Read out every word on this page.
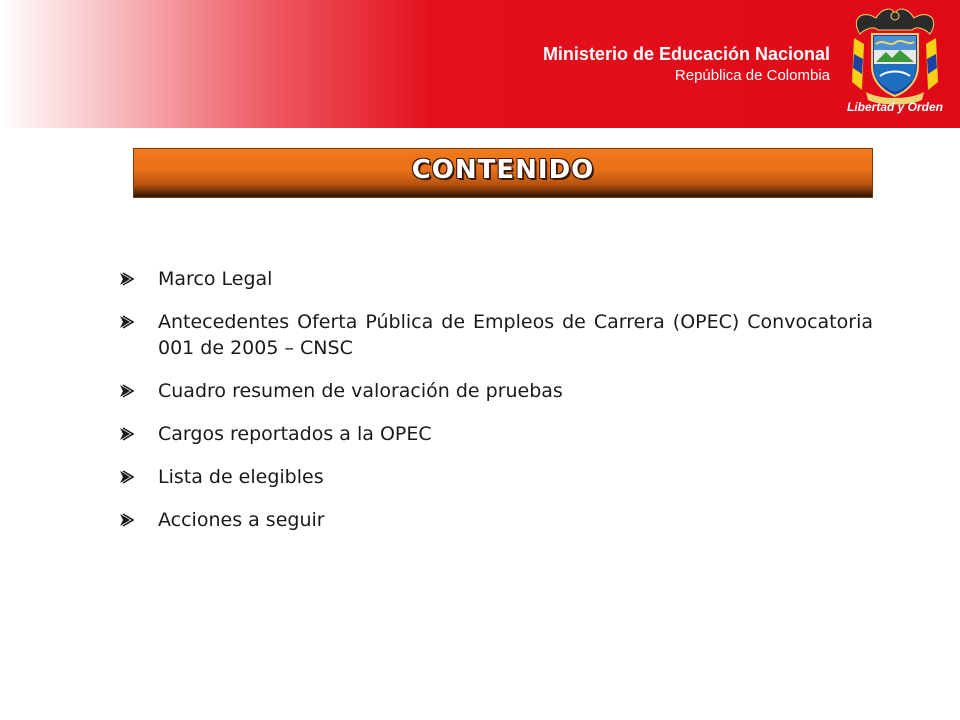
Ministerio de Educación Nacional
República de Colombia
Libertad y Orden
CONTENIDO
Marco Legal
Antecedentes Oferta Pública de Empleos de Carrera (OPEC) Convocatoria 001 de 2005 – CNSC
Cuadro resumen de valoración de pruebas
Cargos reportados a la OPEC
Lista de elegibles
Acciones a seguir
